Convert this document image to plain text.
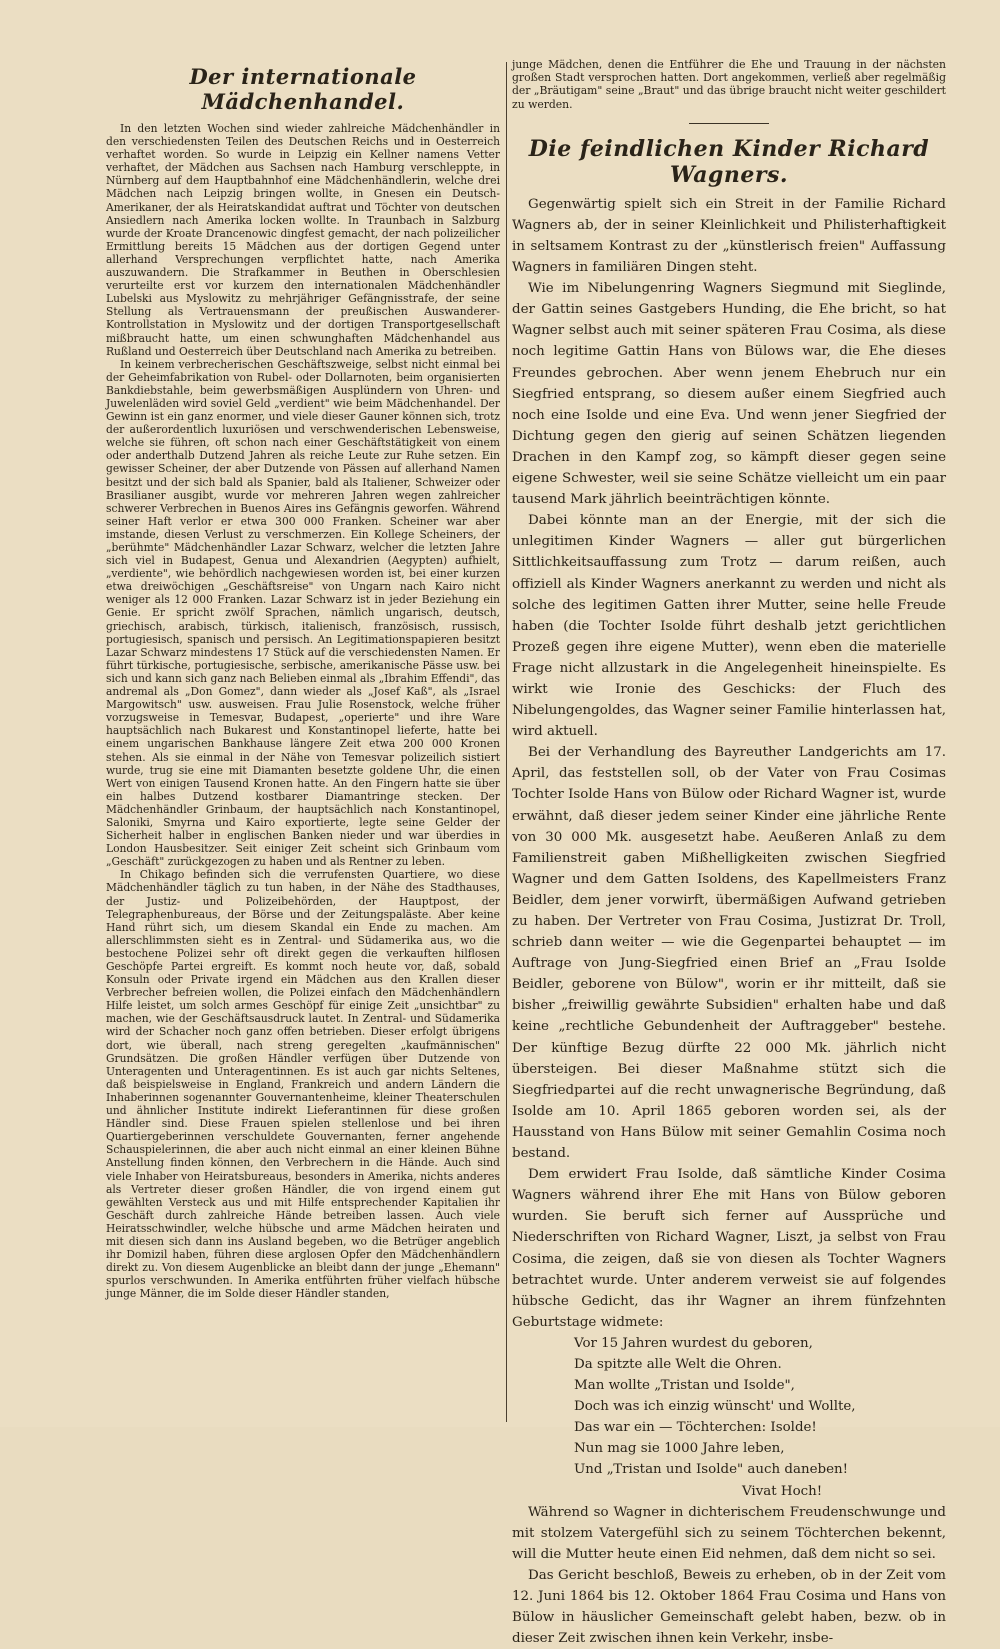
Der internationale Mädchenhandel.

In den letzten Wochen sind wieder zahlreiche Mädchenhändler in den verschiedensten Teilen des Deutschen Reichs und in Oesterreich verhaftet worden. So wurde in Leipzig ein Kellner namens Vetter verhaftet, der Mädchen aus Sachsen nach Hamburg verschleppte, in Nürnberg auf dem Hauptbahnhof eine Mädchenhändlerin, welche drei Mädchen nach Leipzig bringen wollte, in Gnesen ein Deutsch-Amerikaner, der als Heiratskandidat auftrat und Töchter von deutschen Ansiedlern nach Amerika locken wollte. In Traunbach in Salzburg wurde der Kroate Drancenowic dingfest gemacht, der nach polizeilicher Ermittlung bereits 15 Mädchen aus der dortigen Gegend unter allerhand Versprechungen verpflichtet hatte, nach Amerika auszuwandern. Die Strafkammer in Beuthen in Oberschlesien verurteilte erst vor kurzem den internationalen Mädchenhändler Lubelski aus Myslowitz zu mehrjähriger Gefängnisstrafe, der seine Stellung als Vertrauensmann der preußischen Auswanderer-Kontrollstation in Myslowitz und der dortigen Transportgesellschaft mißbraucht hatte, um einen schwunghaften Mädchenhandel aus Rußland und Oesterreich über Deutschland nach Amerika zu betreiben.

In keinem verbrecherischen Geschäftszweige, selbst nicht einmal bei der Geheimfabrikation von Rubel- oder Dollarnoten, beim organisierten Bankdiebstahle, beim gewerbsmäßigen Ausplündern von Uhren- und Juwelenläden wird soviel Geld „verdient" wie beim Mädchenhandel. Der Gewinn ist ein ganz enormer, und viele dieser Gauner können sich, trotz der außerordentlich luxuriösen und verschwenderischen Lebensweise, welche sie führen, oft schon nach einer Geschäftstätigkeit von einem oder anderthalb Dutzend Jahren als reiche Leute zur Ruhe setzen. Ein gewisser Scheiner, der aber Dutzende von Pässen auf allerhand Namen besitzt und der sich bald als Spanier, bald als Italiener, Schweizer oder Brasilianer ausgibt, wurde vor mehreren Jahren wegen zahlreicher schwerer Verbrechen in Buenos Aires ins Gefängnis geworfen. Während seiner Haft verlor er etwa 300 000 Franken. Scheiner war aber imstande, diesen Verlust zu verschmerzen. Ein Kollege Scheiners, der „berühmte" Mädchenhändler Lazar Schwarz, welcher die letzten Jahre sich viel in Budapest, Genua und Alexandrien (Aegypten) aufhielt, „verdiente", wie behördlich nachgewiesen worden ist, bei einer kurzen etwa dreiwöchigen „Geschäftsreise" von Ungarn nach Kairo nicht weniger als 12 000 Franken. Lazar Schwarz ist in jeder Beziehung ein Genie. Er spricht zwölf Sprachen, nämlich ungarisch, deutsch, griechisch, arabisch, türkisch, italienisch, französisch, russisch, portugiesisch, spanisch und persisch. An Legitimationspapieren besitzt Lazar Schwarz mindestens 17 Stück auf die verschiedensten Namen. Er führt türkische, portugiesische, serbische, amerikanische Pässe usw. bei sich und kann sich ganz nach Belieben einmal als „Ibrahim Effendi", das andremal als „Don Gomez", dann wieder als „Josef Kaß", als „Israel Margowitsch" usw. ausweisen. Frau Julie Rosenstock, welche früher vorzugsweise in Temesvar, Budapest, „operierte" und ihre Ware hauptsächlich nach Bukarest und Konstantinopel lieferte, hatte bei einem ungarischen Bankhause längere Zeit etwa 200 000 Kronen stehen. Als sie einmal in der Nähe von Temesvar polizeilich sistiert wurde, trug sie eine mit Diamanten besetzte goldene Uhr, die einen Wert von einigen Tausend Kronen hatte. An den Fingern hatte sie über ein halbes Dutzend kostbarer Diamantringe stecken. Der Mädchenhändler Grinbaum, der hauptsächlich nach Konstantinopel, Saloniki, Smyrna und Kairo exportierte, legte seine Gelder der Sicherheit halber in englischen Banken nieder und war überdies in London Hausbesitzer. Seit einiger Zeit scheint sich Grinbaum vom „Geschäft" zurückgezogen zu haben und als Rentner zu leben.

In Chikago befinden sich die verrufensten Quartiere, wo diese Mädchenhändler täglich zu tun haben, in der Nähe des Stadthauses, der Justiz- und Polizeibehörden, der Hauptpost, der Telegraphenbureaus, der Börse und der Zeitungspaläste. Aber keine Hand rührt sich, um diesem Skandal ein Ende zu machen. Am allerschlimmsten sieht es in Zentral- und Südamerika aus, wo die bestochene Polizei sehr oft direkt gegen die verkauften hilflosen Geschöpfe Partei ergreift. Es kommt noch heute vor, daß, sobald Konsuln oder Private irgend ein Mädchen aus den Krallen dieser Verbrecher befreien wollen, die Polizei einfach den Mädchenhändlern Hilfe leistet, um solch armes Geschöpf für einige Zeit „unsichtbar" zu machen, wie der Geschäftsausdruck lautet. In Zentral- und Südamerika wird der Schacher noch ganz offen betrieben. Dieser erfolgt übrigens dort, wie überall, nach streng geregelten „kaufmännischen" Grundsätzen. Die großen Händler verfügen über Dutzende von Unteragenten und Unteragentinnen. Es ist auch gar nichts Seltenes, daß beispielsweise in England, Frankreich und andern Ländern die Inhaberinnen sogenannter Gouvernantenheime, kleiner Theaterschulen und ähnlicher Institute indirekt Lieferantinnen für diese großen Händler sind. Diese Frauen spielen stellenlose und bei ihren Quartiergeberinnen verschuldete Gouvernanten, ferner angehende Schauspielerinnen, die aber auch nicht einmal an einer kleinen Bühne Anstellung finden können, den Verbrechern in die Hände. Auch sind viele Inhaber von Heiratsbureaus, besonders in Amerika, nichts anderes als Vertreter dieser großen Händler, die von irgend einem gut gewählten Versteck aus und mit Hilfe entsprechender Kapitalien ihr Geschäft durch zahlreiche Hände betreiben lassen. Auch viele Heiratsschwindler, welche hübsche und arme Mädchen heiraten und mit diesen sich dann ins Ausland begeben, wo die Betrüger angeblich ihr Domizil haben, führen diese arglosen Opfer den Mädchenhändlern direkt zu. Von diesem Augenblicke an bleibt dann der junge „Ehemann" spurlos verschwunden. In Amerika entführten früher vielfach hübsche junge Männer, die im Solde dieser Händler standen,

junge Mädchen, denen die Entführer die Ehe und Trauung in der nächsten großen Stadt versprochen hatten. Dort angekommen, verließ aber regelmäßig der „Bräutigam" seine „Braut" und das übrige braucht nicht weiter geschildert zu werden.

Die feindlichen Kinder Richard Wagners.

Gegenwärtig spielt sich ein Streit in der Familie Richard Wagners ab, der in seiner Kleinlichkeit und Philisterhaftigkeit in seltsamem Kontrast zu der „künstlerisch freien" Auffassung Wagners in familiären Dingen steht.

Wie im Nibelungenring Wagners Siegmund mit Sieglinde, der Gattin seines Gastgebers Hunding, die Ehe bricht, so hat Wagner selbst auch mit seiner späteren Frau Cosima, als diese noch legitime Gattin Hans von Bülows war, die Ehe dieses Freundes gebrochen. Aber wenn jenem Ehebruch nur ein Siegfried entsprang, so diesem außer einem Siegfried auch noch eine Isolde und eine Eva. Und wenn jener Siegfried der Dichtung gegen den gierig auf seinen Schätzen liegenden Drachen in den Kampf zog, so kämpft dieser gegen seine eigene Schwester, weil sie seine Schätze vielleicht um ein paar tausend Mark jährlich beeinträchtigen könnte.

Dabei könnte man an der Energie, mit der sich die unlegitimen Kinder Wagners — aller gut bürgerlichen Sittlichkeitsauffassung zum Trotz — darum reißen, auch offiziell als Kinder Wagners anerkannt zu werden und nicht als solche des legitimen Gatten ihrer Mutter, seine helle Freude haben (die Tochter Isolde führt deshalb jetzt gerichtlichen Prozeß gegen ihre eigene Mutter), wenn eben die materielle Frage nicht allzustark in die Angelegenheit hineinspielte. Es wirkt wie Ironie des Geschicks: der Fluch des Nibelungengoldes, das Wagner seiner Familie hinterlassen hat, wird aktuell.

Bei der Verhandlung des Bayreuther Landgerichts am 17. April, das feststellen soll, ob der Vater von Frau Cosimas Tochter Isolde Hans von Bülow oder Richard Wagner ist, wurde erwähnt, daß dieser jedem seiner Kinder eine jährliche Rente von 30 000 Mk. ausgesetzt habe. Aeußeren Anlaß zu dem Familienstreit gaben Mißhelligkeiten zwischen Siegfried Wagner und dem Gatten Isoldens, des Kapellmeisters Franz Beidler, dem jener vorwirft, übermäßigen Aufwand getrieben zu haben. Der Vertreter von Frau Cosima, Justizrat Dr. Troll, schrieb dann weiter — wie die Gegenpartei behauptet — im Auftrage von Jung-Siegfried einen Brief an „Frau Isolde Beidler, geborene von Bülow", worin er ihr mitteilt, daß sie bisher „freiwillig gewährte Subsidien" erhalten habe und daß keine „rechtliche Gebundenheit der Auftraggeber" bestehe. Der künftige Bezug dürfte 22 000 Mk. jährlich nicht übersteigen. Bei dieser Maßnahme stützt sich die Siegfriedpartei auf die recht unwagnerische Begründung, daß Isolde am 10. April 1865 geboren worden sei, als der Hausstand von Hans Bülow mit seiner Gemahlin Cosima noch bestand.

Dem erwidert Frau Isolde, daß sämtliche Kinder Cosima Wagners während ihrer Ehe mit Hans von Bülow geboren wurden. Sie beruft sich ferner auf Aussprüche und Niederschriften von Richard Wagner, Liszt, ja selbst von Frau Cosima, die zeigen, daß sie von diesen als Tochter Wagners betrachtet wurde. Unter anderem verweist sie auf folgendes hübsche Gedicht, das ihr Wagner an ihrem fünfzehnten Geburtstage widmete:

Vor 15 Jahren wurdest du geboren,
Da spitzte alle Welt die Ohren.
Man wollte „Tristan und Isolde",
Doch was ich einzig wünscht' und Wollte,
Das war ein — Töchterchen: Isolde!
Nun mag sie 1000 Jahre leben,
Und „Tristan und Isolde" auch daneben!
Vivat Hoch!

Während so Wagner in dichterischem Freudenschwunge und mit stolzem Vatergefühl sich zu seinem Töchterchen bekennt, will die Mutter heute einen Eid nehmen, daß dem nicht so sei.

Das Gericht beschloß, Beweis zu erheben, ob in der Zeit vom 12. Juni 1864 bis 12. Oktober 1864 Frau Cosima und Hans von Bülow in häuslicher Gemeinschaft gelebt haben, bezw. ob in dieser Zeit zwischen ihnen kein Verkehr, insbe-
